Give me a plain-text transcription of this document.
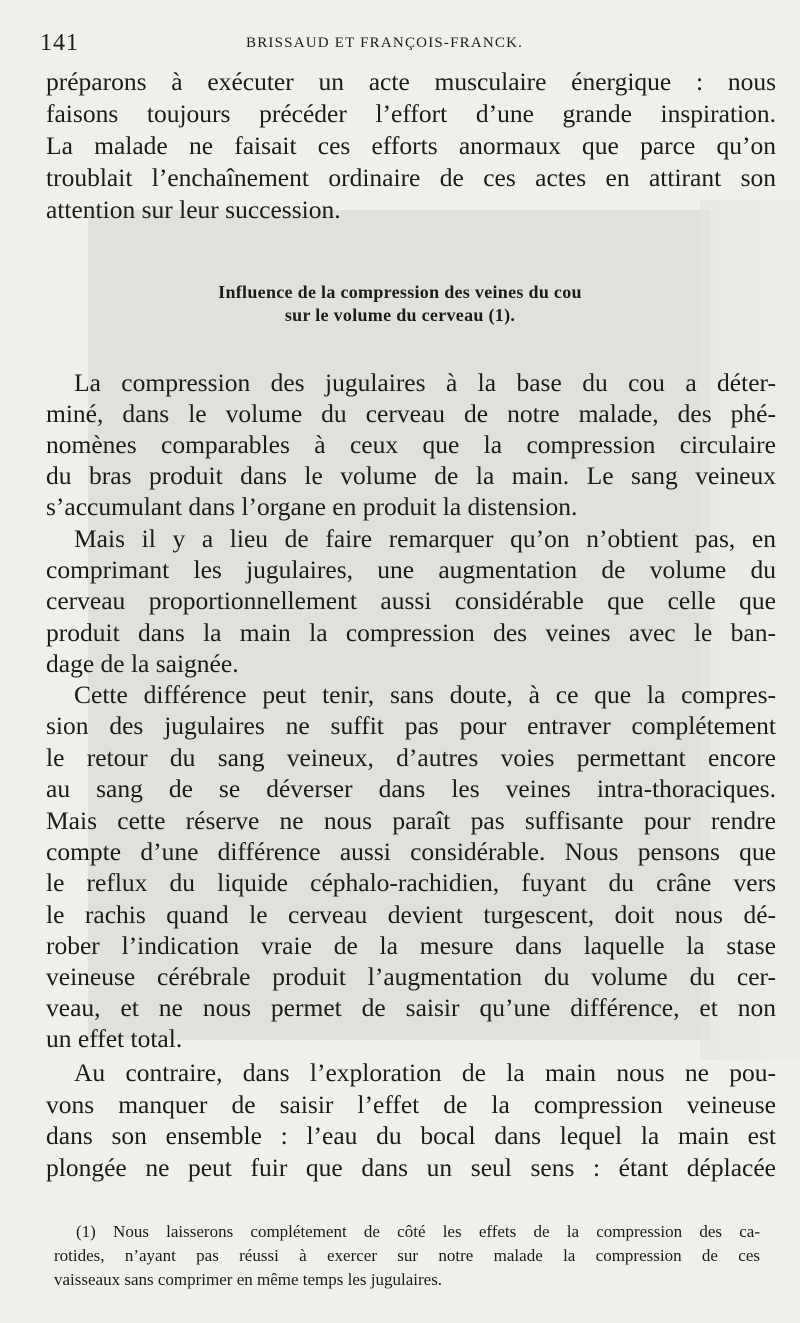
141	BRISSAUD ET FRANÇOIS-FRANCK.
préparons à exécuter un acte musculaire énergique : nous
faisons toujours précéder l’effort d’une grande inspiration.
La malade ne faisait ces efforts anormaux que parce qu’on
troublait l’enchaînement ordinaire de ces actes en attirant son
attention sur leur succession.
Influence de la compression des veines du cou
sur le volume du cerveau (1).
La compression des jugulaires à la base du cou a déter-
miné, dans le volume du cerveau de notre malade, des phé-
nomènes comparables à ceux que la compression circulaire
du bras produit dans le volume de la main. Le sang veineux
s’accumulant dans l’organe en produit la distension.
Mais il y a lieu de faire remarquer qu’on n’obtient pas, en
comprimant les jugulaires, une augmentation de volume du
cerveau proportionnellement aussi considérable que celle que
produit dans la main la compression des veines avec le ban-
dage de la saignée.
Cette différence peut tenir, sans doute, à ce que la compres-
sion des jugulaires ne suffit pas pour entraver complétement
le retour du sang veineux, d’autres voies permettant encore
au sang de se déverser dans les veines intra-thoraciques.
Mais cette réserve ne nous paraît pas suffisante pour rendre
compte d’une différence aussi considérable. Nous pensons que
le reflux du liquide céphalo-rachidien, fuyant du crâne vers
le rachis quand le cerveau devient turgescent, doit nous dé-
rober l’indication vraie de la mesure dans laquelle la stase
veineuse cérébrale produit l’augmentation du volume du cer-
veau, et ne nous permet de saisir qu’une différence, et non
un effet total.
Au contraire, dans l’exploration de la main nous ne pou-
vons manquer de saisir l’effet de la compression veineuse
dans son ensemble : l’eau du bocal dans lequel la main est
plongée ne peut fuir que dans un seul sens : étant déplacée
(1) Nous laisserons complétement de côté les effets de la compression des ca-
rotides, n’ayant pas réussi à exercer sur notre malade la compression de ces
vaisseaux sans comprimer en même temps les jugulaires.
